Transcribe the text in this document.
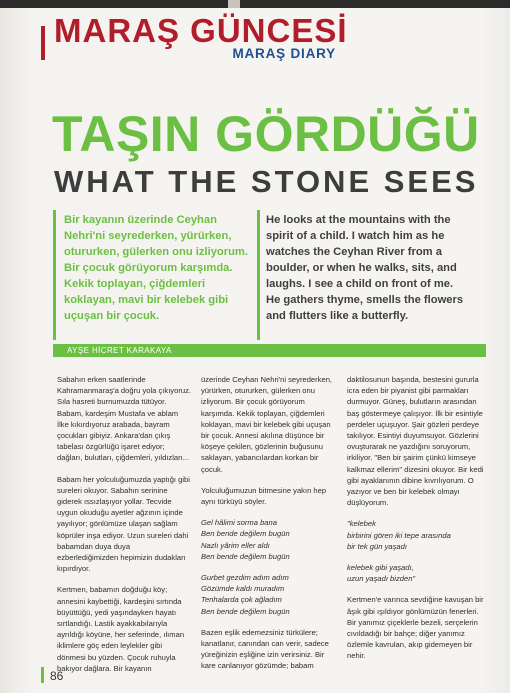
MARAŞ GÜNCESİ
MARAŞ DIARY
TAŞIN GÖRDÜĞÜ
WHAT THE STONE SEES

Bir kayanın üzerinde Ceyhan Nehri'ni seyrederken, yürürken, otururken, gülerken onu izliyorum. Bir çocuk görüyorum karşımda. Kekik toplayan, çiğdemleri koklayan, mavi bir kelebek gibi uçuşan bir çocuk.

He looks at the mountains with the spirit of a child. I watch him as he watches the Ceyhan River from a boulder, or when he walks, sits, and laughs. I see a child on front of me. He gathers thyme, smells the flowers and flutters like a butterfly.

AYŞE HİCRET KARAKAYA

Sabahın erken saatlerinde Kahramanmaraş'a doğru yola çıkıyoruz. Sıla hasreti burnumuzda tütüyor. Babam, kardeşim Mustafa ve ablam İlke kıkırdıyoruz arabada, bayram çocukları gibiyiz. Ankara'dan çıkış tabelası özgürlüğü işaret ediyor; dağları, bulutları, çiğdemleri, yıldızları...

Babam her yolculuğumuzda yaptığı gibi sureleri okuyor. Sabahın serinine giderek ıssızlaşıyor yollar. Tecvide uygun okuduğu ayetler ağzının içinde yayılıyor; gönlümüze ulaşan sağlam köprüler inşa ediyor. Uzun sureleri dahi babamdan duya duya ezberlediğimizden hepimizin dudakları kıpırdıyor.

Kertmen, babamın doğduğu köy; annesini kaybettiği, kardeşini sırtında büyüttüğü, yedi yaşındayken hayatı sırtlandığı. Lastik ayakkabılarıyla ayrıldığı köyüne, her seferinde, ılıman iklimlere göç eden leylekler gibi dönmesi bu yüzden. Çocuk ruhuyla bakıyor dağlara. Bir kayanın

üzerinde Ceyhan Nehri'ni seyrederken, yürürken, otururken, gülerken onu izliyorum. Bir çocuk görüyorum karşımda. Kekik toplayan, çiğdemleri koklayan, mavi bir kelebek gibi uçuşan bir çocuk. Annesi akılına düşünce bir köşeye çekilen, gözlerinin buğusunu saklayan, yabancılardan korkan bir çocuk.

Yolculuğumuzun bitmesine yakın hep aynı türküyü söyler.

Gel hâlimi sorma bana
Ben bende değilem bugün
Nazlı yârim eller aldı
Ben bende değilem bugün

Gurbet gezdim adım adım
Gözümde kaldı muradım
Tenhalarda çok ağladım
Ben bende değilem bugün

Bazen eşlik edemezsiniz türkülere; kanatlanır, canından can verir, sadece yüreğinizin eşliğine izin verirsiniz. Bir kare canlanıyor gözümde; babam

daktilosunun başında, bestesini gururla icra eden bir piyanist gibi parmakları durmuyor. Güneş, bulutların arasından baş göstermeye çalışıyor. İlk bir esintiyle perdeler uçuşuyor. Şair gözleri perdeye takılıyor. Esintiyi duyumsuyor. Gözlerini ovuşturarak ne yazdığını soruyorum, irkiliyor. "Ben bir şairim çünkü kimseye kalkmaz ellerim" dizesini okuyor. Bir kedi gibi ayaklanının dibine kıvrılıyorum. O yazıyor ve ben bir kelebek olmayı düşlüyorum.

"kelebek
birbirini gören iki tepe arasında
bir tek gün yaşadı

kelebek gibi yaşadı,
uzun yaşadı bizden"

Kertmen'e varınca sevdiğine kavuşan bir âşık gibi ışıldıyor gönlümüzün fenerleri. Bir yanımız çiçeklerle bezeli, serçelerin cıvıldadığı bir bahçe; diğer yanımız özlemle kavrulan, akıp gidemeyen bir nehir.

86
